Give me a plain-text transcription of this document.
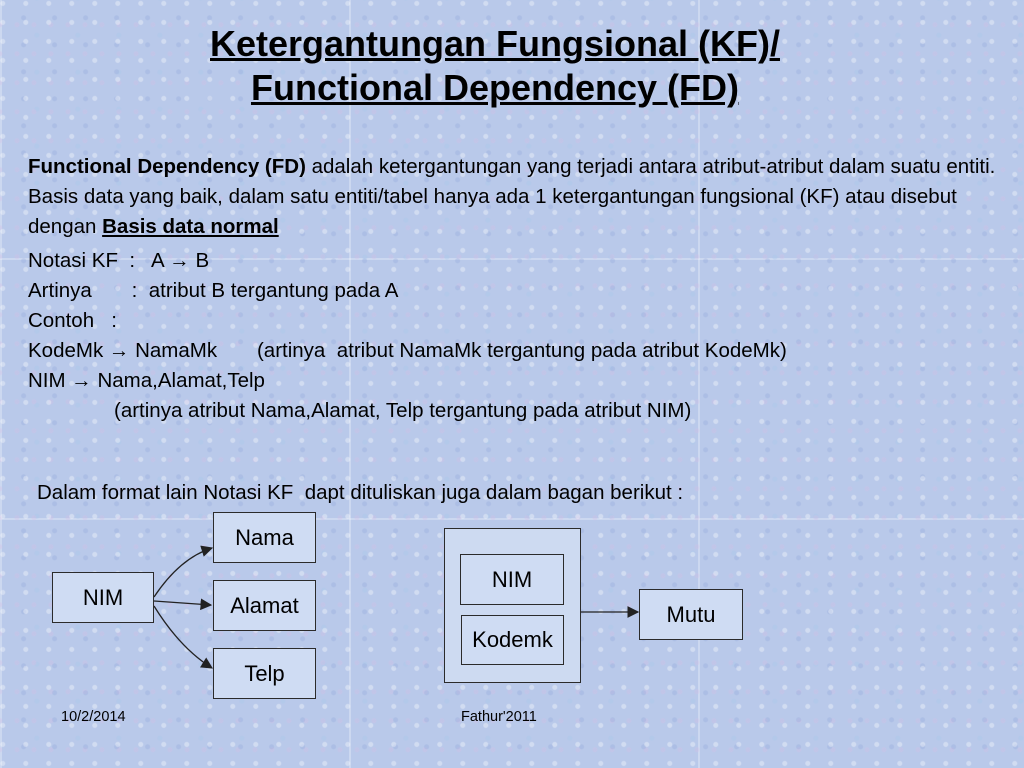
Ketergantungan Fungsional (KF)/
Functional Dependency (FD)

Functional Dependency (FD) adalah ketergantungan yang terjadi antara atribut-atribut dalam suatu entiti.

Basis data yang baik, dalam satu entiti/tabel hanya ada 1 ketergantungan fungsional (KF) atau disebut dengan Basis data normal

Notasi KF  :   A → B

Artinya       :  atribut B tergantung pada A

Contoh   :

KodeMk → NamaMk       (artinya  atribut NamaMk tergantung pada atribut KodeMk)

NIM → Nama,Alamat,Telp

(artinya atribut Nama,Alamat, Telp tergantung pada atribut NIM)

Dalam format lain Notasi KF  dapt dituliskan juga dalam bagan berikut :
NIM
Nama
Alamat
Telp
NIM
Kodemk
Mutu
10/2/2014	Fathur'2011
